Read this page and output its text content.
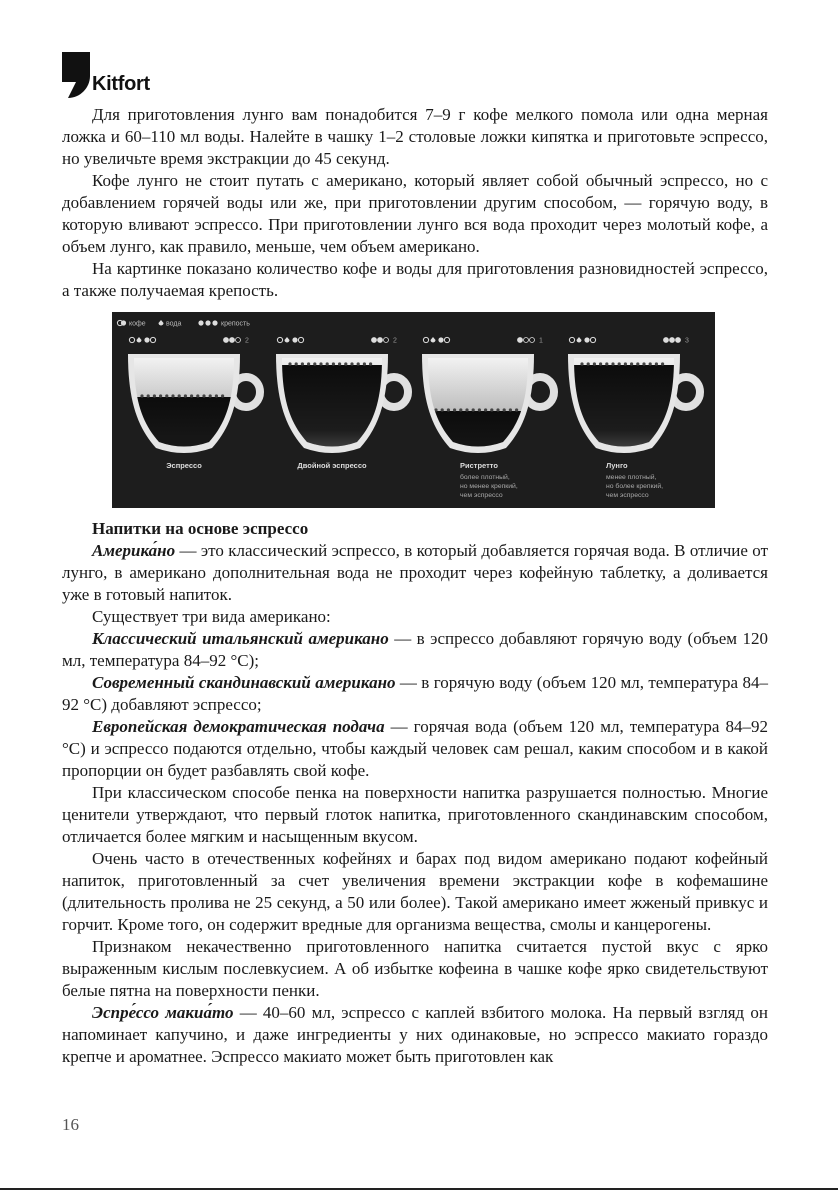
Kitfort

Для приготовления лунго вам понадобится 7–9 г кофе мелкого помола или одна мерная ложка и 60–110 мл воды. Налейте в чашку 1–2 столовые ложки кипятка и приготовьте эспрессо, но увеличьте время экстракции до 45 секунд.

Кофе лунго не стоит путать с американо, который являет собой обычный эспрессо, но с добавлением горячей воды или же, при приготовлении другим способом, — горячую воду, в которую вливают эспрессо. При приготовлении лунго вся вода проходит через молотый кофе, а объем лунго, как правило, меньше, чем объем американо.

На картинке показано количество кофе и воды для приготовления разновидностей эспрессо, а также получаемая крепость.

кофе	вода	крепость
2
Эспрессо
2
Двойной эспрессо
1
Ристретто
более плотный,
но менее крепкий,
чем эспрессо
3
Лунго
менее плотный,
но более крепкий,
чем эспрессо
Напитки на основе эспрессо

Америка́но — это классический эспрессо, в который добавляется горячая вода. В отличие от лунго, в американо дополнительная вода не проходит через кофейную таблетку, а доливается уже в готовый напиток.

Существует три вида американо:

Классический итальянский американо — в эспрессо добавляют горячую воду (объем 120 мл, температура 84–92 °C);

Современный скандинавский американо — в горячую воду (объем 120 мл, температура 84–92 °C) добавляют эспрессо;

Европейская демократическая подача — горячая вода (объем 120 мл, температура 84–92 °C) и эспрессо подаются отдельно, чтобы каждый человек сам решал, каким способом и в какой пропорции он будет разбавлять свой кофе.

При классическом способе пенка на поверхности напитка разрушается полностью. Многие ценители утверждают, что первый глоток напитка, приготовленного скандинавским способом, отличается более мягким и насыщенным вкусом.

Очень часто в отечественных кофейнях и барах под видом американо подают кофейный напиток, приготовленный за счет увеличения времени экстракции кофе в кофемашине (длительность пролива не 25 секунд, а 50 или более). Такой американо имеет жженый привкус и горчит. Кроме того, он содержит вредные для организма вещества, смолы и канцерогены.

Признаком некачественно приготовленного напитка считается пустой вкус с ярко выраженным кислым послевкусием. А об избытке кофеина в чашке кофе ярко свидетельствуют белые пятна на поверхности пенки.

Эспре́ссо макиа́то — 40–60 мл, эспрессо с каплей взбитого молока. На первый взгляд он напоминает капучино, и даже ингредиенты у них одинаковые, но эспрессо макиато гораздо крепче и ароматнее. Эспрессо макиато может быть приготовлен как

16
